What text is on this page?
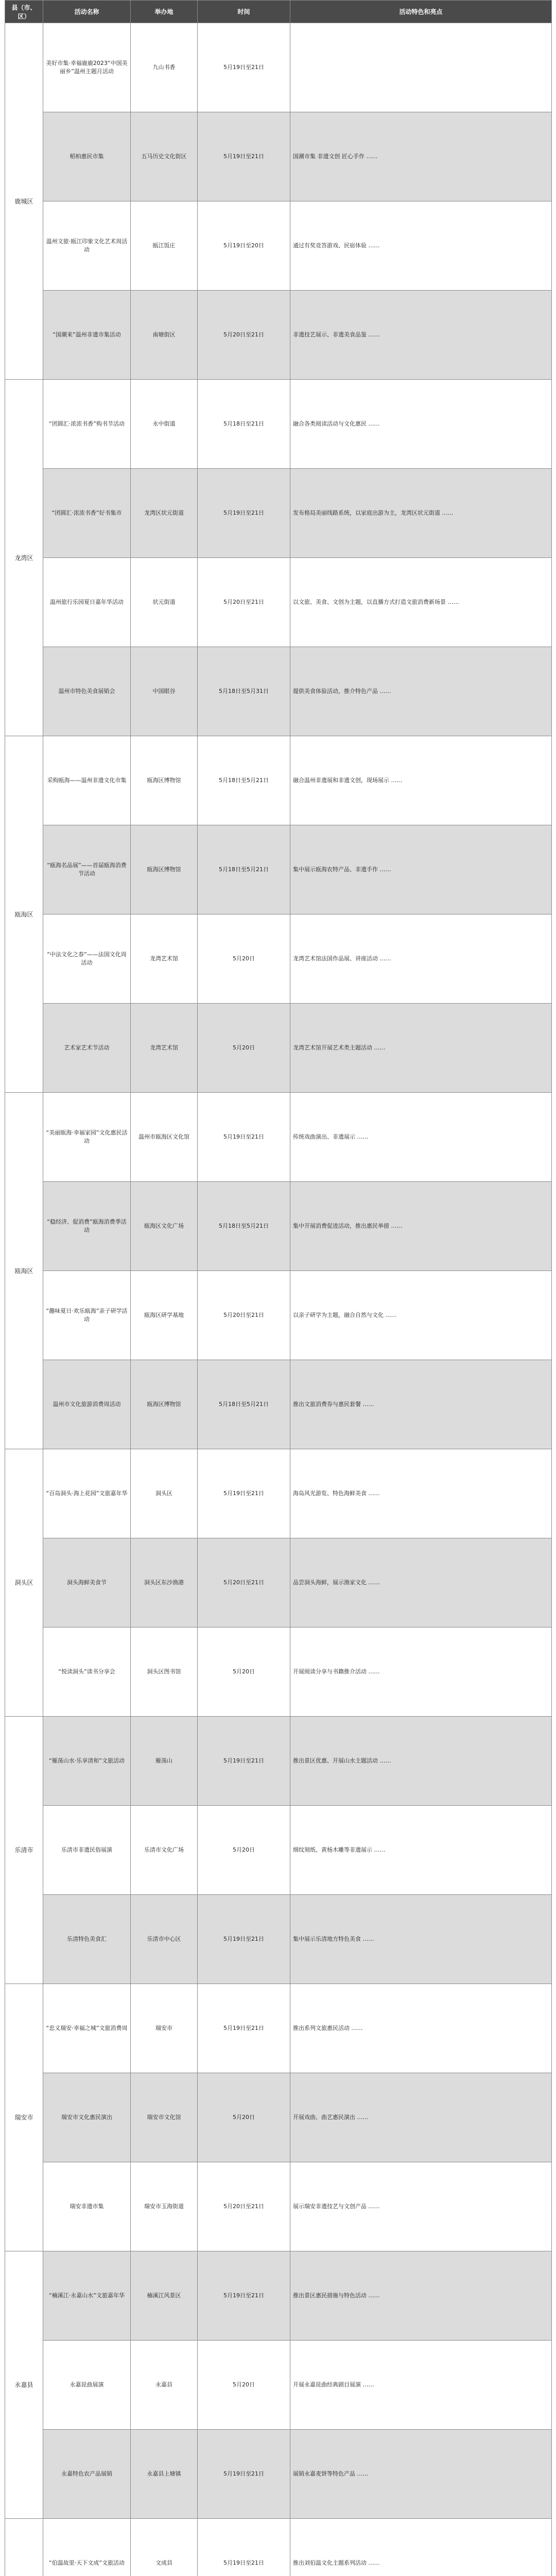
县（市、区）	活动名称	举办地	时间	活动特色和亮点
鹿城区	美好市集·幸福鹿鹿2023“中国美丽乡”温州主题月活动	九山书香	5月19日至21日	
	稻柏惠民市集	五马历史文化街区	5月19日至21日	国潮市集 非遗文创 匠心手作 ……
	温州文旅·瓯江印象文化艺术周活动	瓯江饭庄	5月19日至20日	通过有奖竞答游戏、民宿体验 ……
	“国潮来”温州非遗市集活动	南塘街区	5月20日至21日	非遗技艺展示、非遗美食品鉴 ……
龙湾区	“团圆汇·浓浓书香”购书节活动	永中街道	5月18日至21日	融合各类阅读活动与文化惠民 ……
	“团圆汇·浓浓书香”好书集市	龙湾区状元街道	5月19日至21日	发布格局美丽线路系统，以家庭出游为主，龙湾区状元街道 ……
	温州旅行乐园夏日嘉年华活动	状元街道	5月20日至21日	以文旅、美食、文创为主题，以直播方式打造文旅消费新场景 ……
	温州市特色美食展销会	中国眼谷	5月18日至5月31日	提供美食体验活动，推介特色产品 ……
瓯海区	采购瓯海——温州非遗文化市集	瓯海区博物馆	5月18日至5月21日	融合温州非遗展和非遗文创，现场展示 ……
	“瓯海名品展”——首届瓯海消费节活动	瓯海区博物馆	5月18日至5月21日	集中展示瓯海农特产品、非遗手作 ……
	“中法文化之春”——法国文化周活动	龙湾艺术馆	5月20日	龙湾艺术馆法国作品展、讲座活动 ……
	艺术家艺术节活动	龙湾艺术馆	5月20日	龙湾艺术馆开展艺术类主题活动 ……
瓯海区	“美丽瓯海·幸福家园”文化惠民活动	温州市瓯海区文化馆	5月19日至21日	传统戏曲演出、非遗展示 ……
	“稳经济、促消费”瓯海消费季活动	瓯海区文化广场	5月18日至5月21日	集中开展消费促进活动，推出惠民举措 ……
	“趣味夏日·欢乐瓯海”亲子研学活动	瓯海区研学基地	5月20日至21日	以亲子研学为主题，融合自然与文化 ……
	温州市文化旅游消费周活动	瓯海区博物馆	5月18日至5月21日	推出文旅消费券与惠民套餐 ……
洞头区	“百岛洞头·海上花园”文旅嘉年华	洞头区	5月19日至21日	海岛风光游览、特色海鲜美食 ……
	洞头海鲜美食节	洞头区东沙渔港	5月20日至21日	品尝洞头海鲜，展示渔家文化 ……
	“悦读洞头”读书分享会	洞头区图书馆	5月20日	开展阅读分享与书籍推介活动 ……
乐清市	“雁荡山水·乐享清和”文旅活动	雁荡山	5月19日至21日	推出景区优惠、开展山水主题活动 ……
	乐清市非遗民俗展演	乐清市文化广场	5月20日	细纹刻纸、黄杨木雕等非遗展示 ……
	乐清特色美食汇	乐清市中心区	5月19日至21日	集中展示乐清地方特色美食 ……
瑞安市	“忠义瑞安·幸福之城”文旅消费周	瑞安市	5月19日至21日	推出系列文旅惠民活动 ……
	瑞安市文化惠民演出	瑞安市文化馆	5月20日	开展戏曲、曲艺惠民演出 ……
	瑞安非遗市集	瑞安市玉海街道	5月20日至21日	展示瑞安非遗技艺与文创产品 ……
永嘉县	“楠溪江·永嘉山水”文旅嘉年华	楠溪江风景区	5月19日至21日	推出景区惠民措施与特色活动 ……
	永嘉昆曲展演	永嘉县	5月20日	开展永嘉昆曲经典剧目展演 ……
	永嘉特色农产品展销	永嘉县上塘镇	5月19日至21日	展销永嘉麦饼等特色产品 ……
	“伯温故里·天下文成”文旅活动	文成县	5月19日至21日	推出刘伯温文化主题系列活动 ……
